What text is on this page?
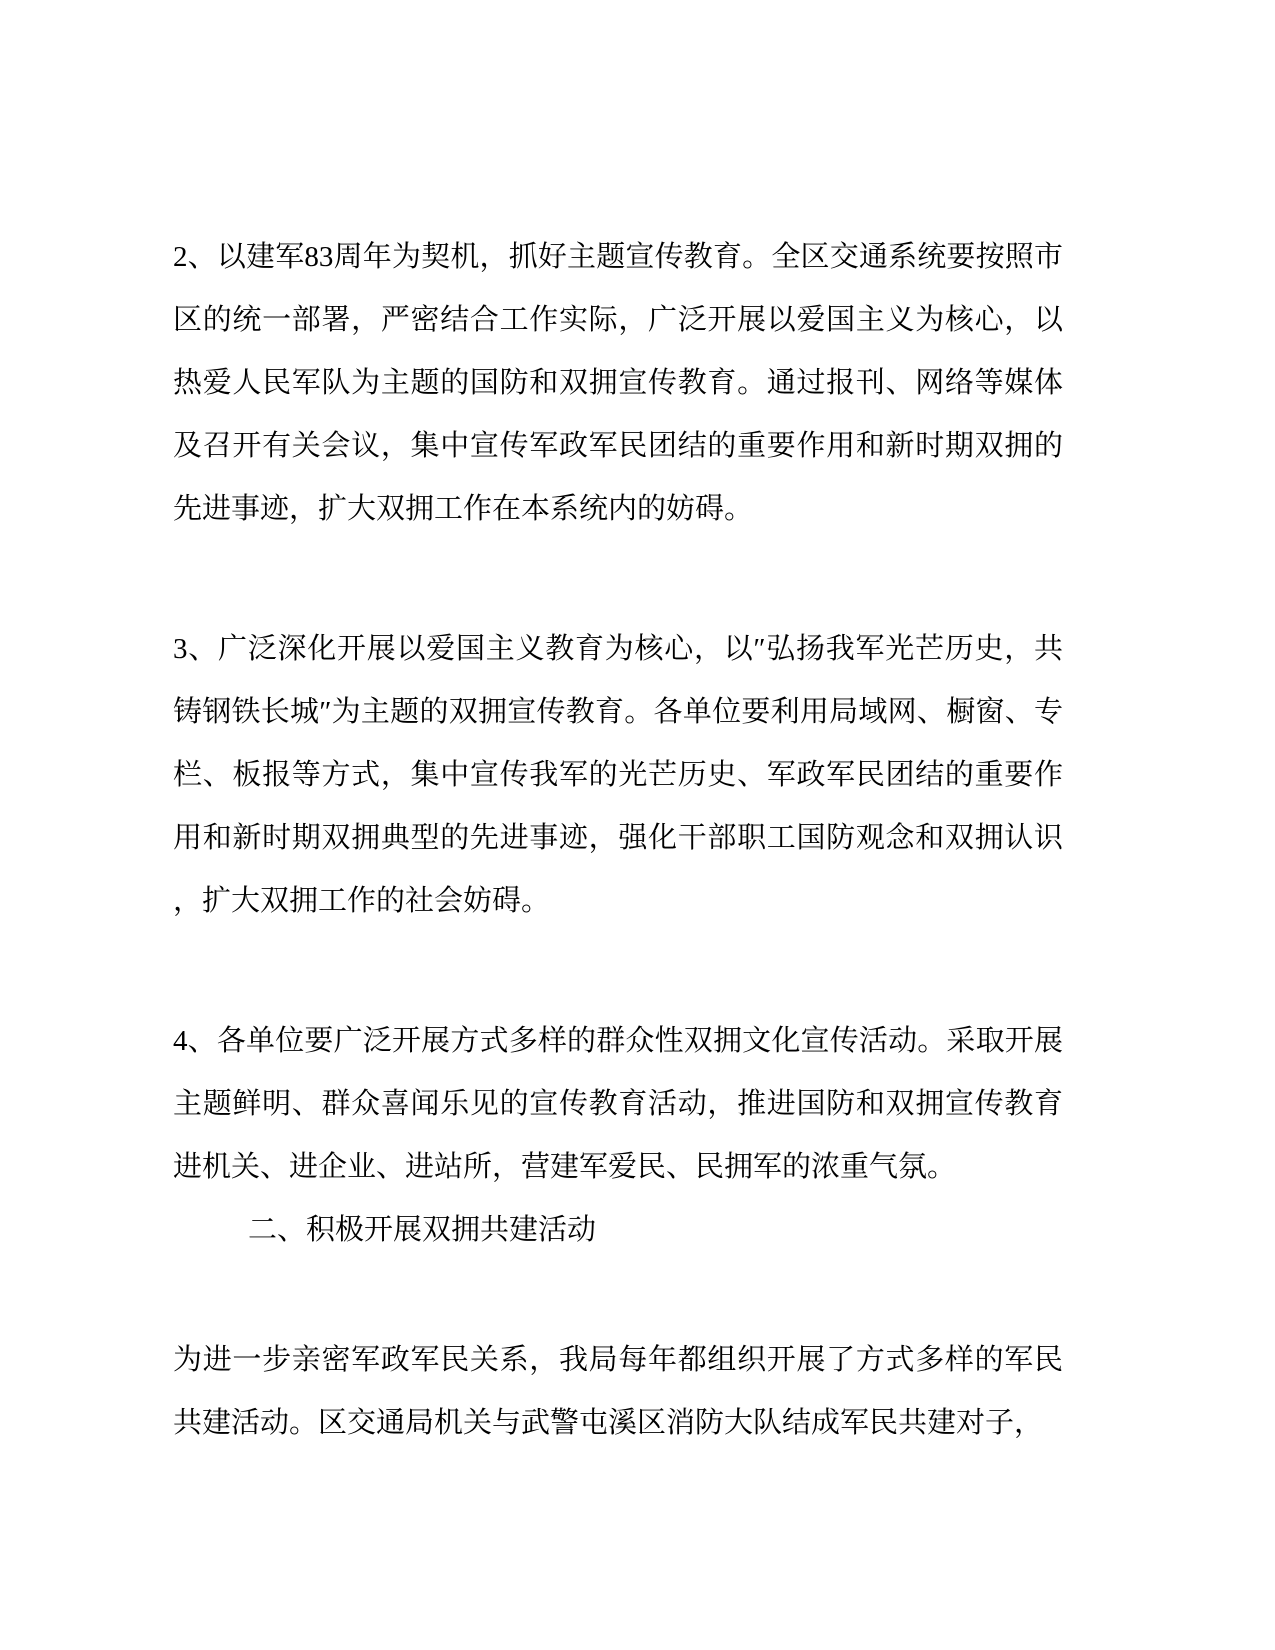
2、以建军83周年为契机，抓好主题宣传教育。全区交通系统要按照市
区的统一部署，严密结合工作实际，广泛开展以爱国主义为核心，以
热爱人民军队为主题的国防和双拥宣传教育。通过报刊、网络等媒体
及召开有关会议，集中宣传军政军民团结的重要作用和新时期双拥的
先进事迹，扩大双拥工作在本系统内的妨碍。
3、广泛深化开展以爱国主义教育为核心，以″弘扬我军光芒历史，共
铸钢铁长城″为主题的双拥宣传教育。各单位要利用局域网、橱窗、专
栏、板报等方式，集中宣传我军的光芒历史、军政军民团结的重要作
用和新时期双拥典型的先进事迹，强化干部职工国防观念和双拥认识
，扩大双拥工作的社会妨碍。
4、各单位要广泛开展方式多样的群众性双拥文化宣传活动。采取开展
主题鲜明、群众喜闻乐见的宣传教育活动，推进国防和双拥宣传教育
进机关、进企业、进站所，营建军爱民、民拥军的浓重气氛。
二、积极开展双拥共建活动
为进一步亲密军政军民关系，我局每年都组织开展了方式多样的军民
共建活动。区交通局机关与武警屯溪区消防大队结成军民共建对子，
